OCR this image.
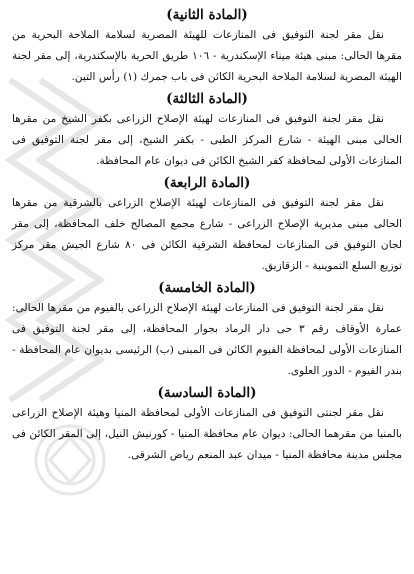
(المادة الثانية)

نقل مقر لجنة التوفيق فى المنازعات للهيئة المصرية لسلامة الملاحة البحرية من مقرها الحالى: مبنى هيئة ميناء الإسكندرية - ١٠٦ طريق الحرية بالإسكندرية، إلى مقر لجنة الهيئة المصرية لسلامة الملاحة البحرية الكائن فى باب جمرك (١) رأس التين.

(المادة الثالثة)

نقل مقر لجنة التوفيق فى المنازعات لهيئة الإصلاح الزراعى بكفر الشيخ من مقرها الحالى مبنى الهيئة - شارع المركز الطبى - بكفر الشيخ، إلى مقر لجنة التوفيق فى المنازعات الأولى لمحافظة كفر الشيخ الكائن فى ديوان عام المحافظة.

(المادة الرابعة)

نقل مقر لجنة التوفيق فى المنازعات لهيئة الإصلاح الزراعى بالشرقية من مقرها الحالى مبنى مديرية الإصلاح الزراعى - شارع مجمع المصالح خلف المحافظة، إلى مقر لجان التوفيق فى المنازعات لمحافظة الشرقية الكائن فى ٨٠ شارع الجيش مقر مركز توزيع السلع التموينية - الزقازيق.

(المادة الخامسة)

نقل مقر لجنة التوفيق فى المنازعات لهيئة الإصلاح الزراعى بالفيوم من مقرها الحالى: عمارة الأوقاف رقم ٣ حى دار الرماد بجوار المحافظة، إلى مقر لجنة التوفيق فى المنازعات الأولى لمحافظة الفيوم الكائن فى المبنى (ب) الرئيسى بديوان عام المحافظة - بندر الفيوم - الدور العلوى.

(المادة السادسة)

نقل مقر لجنتى التوفيق فى المنازعات الأولى لمحافظة المنيا وهيئة الإصلاح الزراعى بالمنيا من مقرهما الحالى: ديوان عام محافظة المنيا - كورنيش النيل، إلى المقر الكائن فى مجلس مدينة محافظة المنيا - ميدان عبد المنعم رياض الشرقى.
